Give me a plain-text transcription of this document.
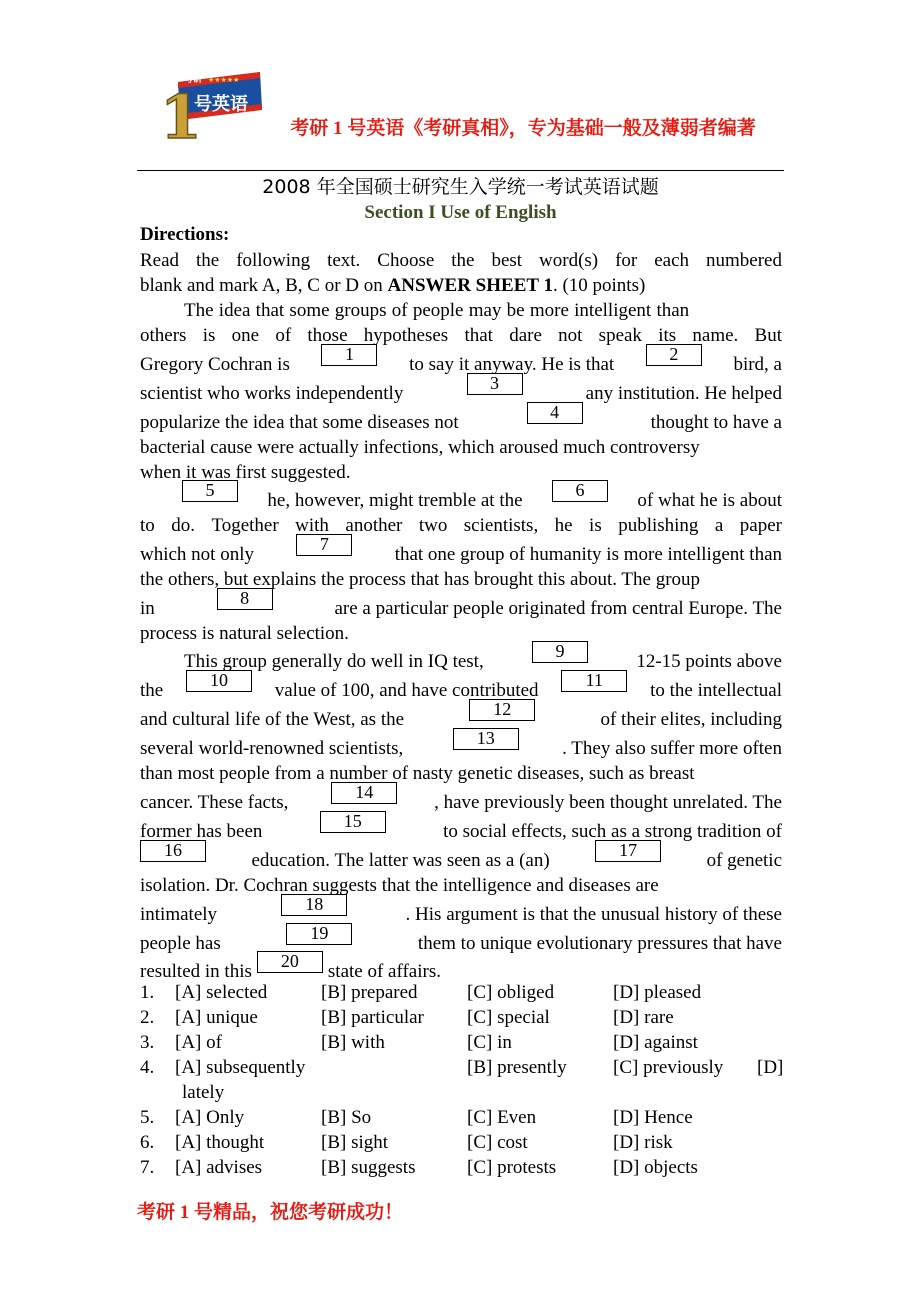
考研 ★★★★★
号英语
1	考研 1 号英语《考研真相》，专为基础一般及薄弱者编著
2008 年全国硕士研究生入学统一考试英语试题
Section I Use of English
Directions:
Read the following text. Choose the best word(s) for each numbered
blank and mark A, B, C or D on ANSWER SHEET 1 . (10 points)
The idea that some groups of people may be more intelligent than
others is one of those hypotheses that dare not speak its name. But
Gregory Cochran is	1	to say it anyway. He is that	2	bird, a
scientist who works independently	3	any institution. He helped
popularize the idea that some diseases not	4	thought to have a
bacterial cause were actually infections, which aroused much controversy
when it was first suggested.
5	he, however, might tremble at the	6	of what he is about
to do. Together with another two scientists, he is publishing a paper
which not only	7	that one group of humanity is more intelligent than
the others, but explains the process that has brought this about. The group
in	8	are a particular people originated from central Europe. The
process is natural selection.
This group generally do well in IQ test,	9	12-15 points above
the	10	value of 100, and have contributed	11	to the intellectual
and cultural life of the West, as the	12	of their elites, including
several world-renowned scientists,	13	. They also suffer more often
than most people from a number of nasty genetic diseases, such as breast
cancer. These facts,	14	, have previously been thought unrelated. The
former has been	15	to social effects, such as a strong tradition of
16	education. The latter was seen as a (an)	17	of genetic
isolation. Dr. Cochran suggests that the intelligence and diseases are
intimately	18	. His argument is that the unusual history of these
people has	19	them to unique evolutionary pressures that have
resulted in this	20	state of affairs.
1. [A] selected	[B] prepared	[C] obliged	[D] pleased
2. [A] unique	[B] particular [C] special	[D] rare
3. [A] of	[B] with	[C] in	[D] against
4. [A] subsequently	[B] presently [C] previously [D]
lately
5. [A] Only	[B] So	[C] Even	[D] Hence
6. [A] thought	[B] sight	[C] cost	[D] risk
7. [A] advises	[B] suggests	[C] protests	[D] objects
考研 1 号精品，祝您考研成功！
